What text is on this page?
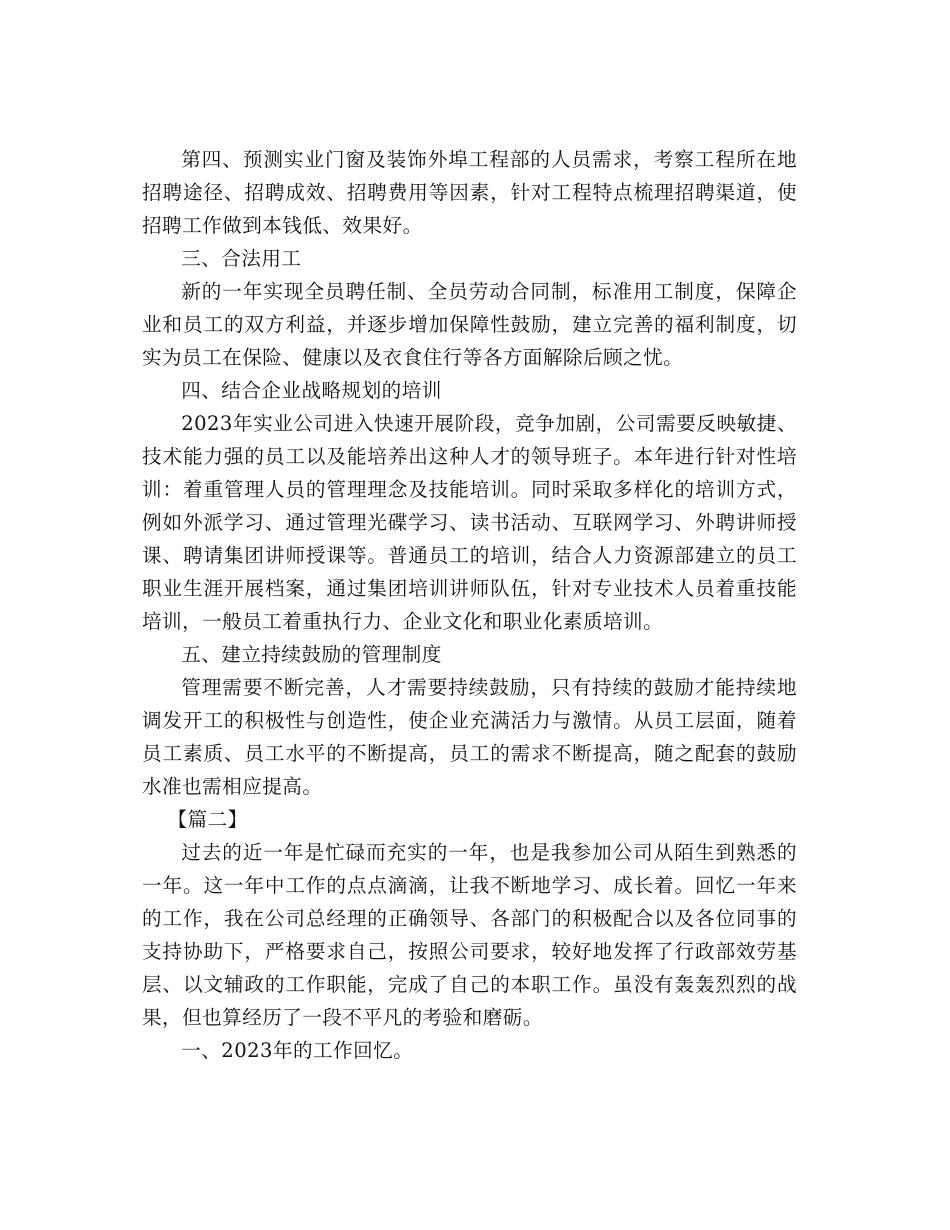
第四、预测实业门窗及装饰外埠工程部的人员需求，考察工程所在地招聘途径、招聘成效、招聘费用等因素，针对工程特点梳理招聘渠道，使招聘工作做到本钱低、效果好。

三、合法用工

新的一年实现全员聘任制、全员劳动合同制，标准用工制度，保障企业和员工的双方利益，并逐步增加保障性鼓励，建立完善的福利制度，切实为员工在保险、健康以及衣食住行等各方面解除后顾之忧。

四、结合企业战略规划的培训

2023年实业公司进入快速开展阶段，竞争加剧，公司需要反映敏捷、技术能力强的员工以及能培养出这种人才的领导班子。本年进行针对性培训：着重管理人员的管理理念及技能培训。同时采取多样化的培训方式，例如外派学习、通过管理光碟学习、读书活动、互联网学习、外聘讲师授课、聘请集团讲师授课等。普通员工的培训，结合人力资源部建立的员工职业生涯开展档案，通过集团培训讲师队伍，针对专业技术人员着重技能培训，一般员工着重执行力、企业文化和职业化素质培训。

五、建立持续鼓励的管理制度

管理需要不断完善，人才需要持续鼓励，只有持续的鼓励才能持续地调发开工的积极性与创造性，使企业充满活力与激情。从员工层面，随着员工素质、员工水平的不断提高，员工的需求不断提高，随之配套的鼓励水准也需相应提高。

【篇二】

过去的近一年是忙碌而充实的一年，也是我参加公司从陌生到熟悉的一年。这一年中工作的点点滴滴，让我不断地学习、成长着。回忆一年来的工作，我在公司总经理的正确领导、各部门的积极配合以及各位同事的支持协助下，严格要求自己，按照公司要求，较好地发挥了行政部效劳基层、以文辅政的工作职能，完成了自己的本职工作。虽没有轰轰烈烈的战果，但也算经历了一段不平凡的考验和磨砺。

一、2023年的工作回忆。
